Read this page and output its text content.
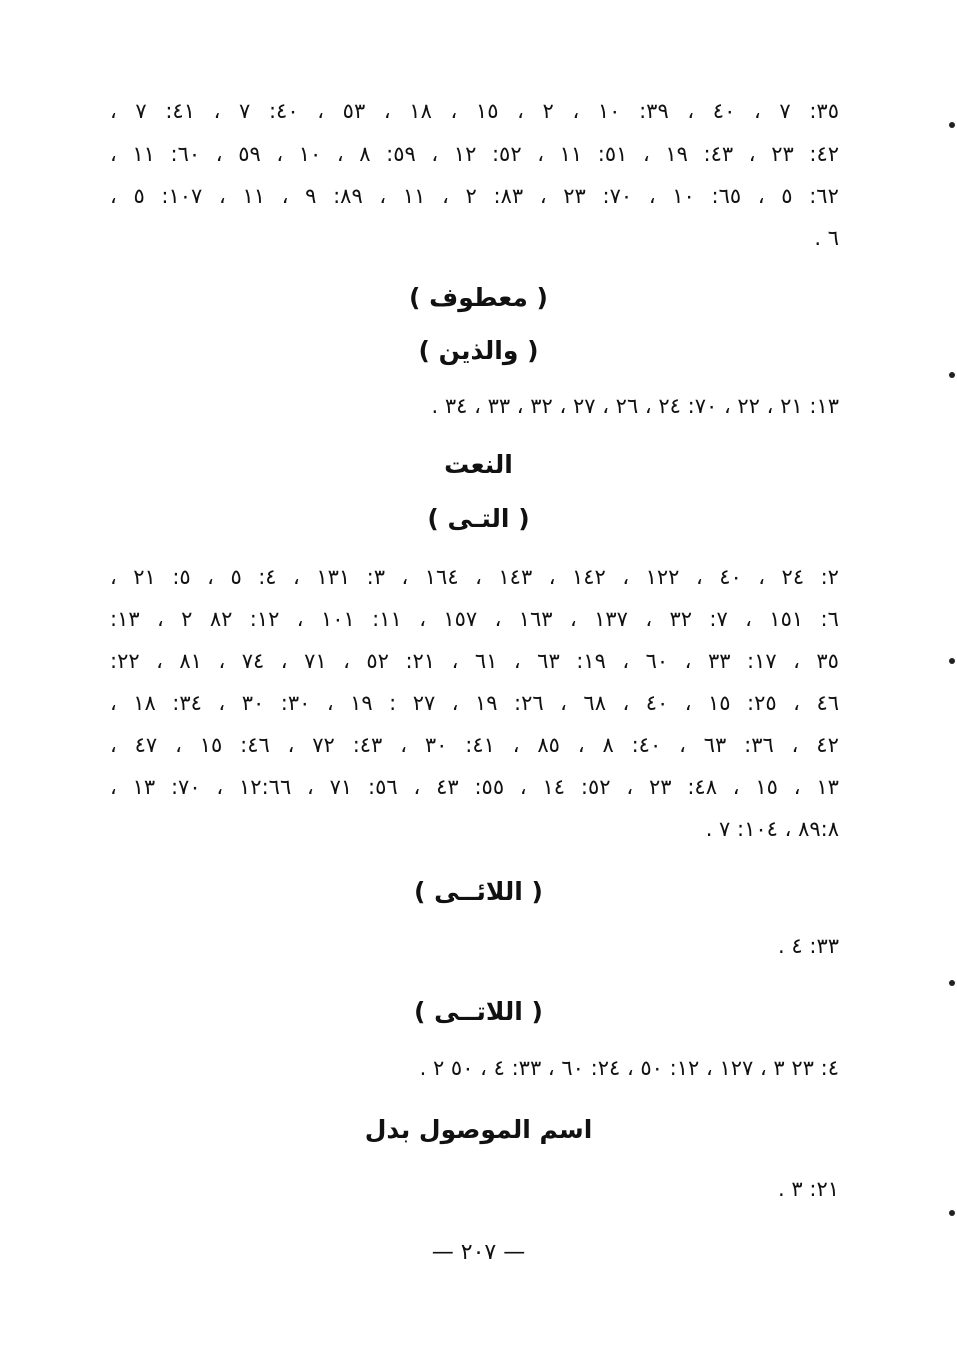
٣٥: ٧ ، ٤٠ ، ٣٩: ١٠ ، ٢ ، ١٥ ، ١٨ ، ٥٣ ، ٤٠: ٧ ، ٤١: ٧ ،
٤٢: ٢٣ ، ٤٣: ١٩ ، ٥١: ١١ ، ٥٢: ١٢ ، ٥٩: ٨ ، ١٠ ، ٥٩ ، ٦٠: ١١ ،
٦٢: ٥ ، ٦٥: ١٠ ، ٧٠: ٢٣ ، ٨٣: ٢ ، ١١ ، ٨٩: ٩ ، ١١ ، ١٠٧: ٥ ،
٦ .
( معطوف )
( والذين )
١٣: ٢١ ، ٢٢ ، ٧٠: ٢٤ ، ٢٦ ، ٢٧ ، ٣٢ ، ٣٣ ، ٣٤ .
النعت
( التـى )
٢: ٢٤ ، ٤٠ ، ١٢٢ ، ١٤٢ ، ١٤٣ ، ١٦٤ ، ٣: ١٣١ ، ٤: ٥ ، ٥: ٢١ ،
٦: ١٥١ ، ٧: ٣٢ ، ١٣٧ ، ١٦٣ ، ١٥٧ ، ١١: ١٠١ ، ١٢: ٨٢ ٢ ، ١٣:
٣٥ ، ١٧: ٣٣ ، ٦٠ ، ١٩: ٦٣ ، ٦١ ، ٢١: ٥٢ ، ٧١ ، ٧٤ ، ٨١ ، ٢٢:
٤٦ ، ٢٥: ١٥ ، ٤٠ ، ٦٨ ، ٢٦: ١٩ ، ٢٧ : ١٩ ، ٣٠: ٣٠ ، ٣٤: ١٨ ،
٤٢ ، ٣٦: ٦٣ ، ٤٠: ٨ ، ٨٥ ، ٤١: ٣٠ ، ٤٣: ٧٢ ، ٤٦: ١٥ ، ٤٧ ،
١٣ ، ١٥ ، ٤٨: ٢٣ ، ٥٢: ١٤ ، ٥٥: ٤٣ ، ٥٦: ٧١ ، ١٢:٦٦ ، ٧٠: ١٣ ،
٨٩:٨ ، ١٠٤: ٧ .
( اللائــى )
٣٣: ٤ .
( اللاتــى )
٤: ٢٣ ٣ ، ١٢٧ ، ١٢: ٥٠ ، ٢٤: ٦٠ ، ٣٣: ٤ ، ٥٠ ٢ .
اسم الموصول بدل
٢١: ٣ .
— ٢٠٧ —
